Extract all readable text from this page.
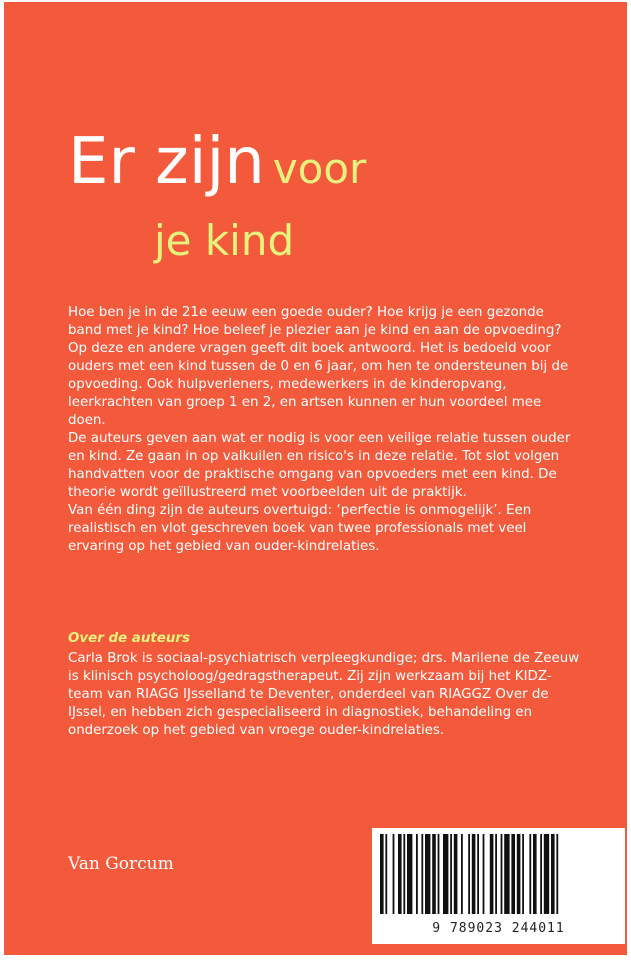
Er zijn voor
je kind

Hoe ben je in de 21e eeuw een goede ouder? Hoe krijg je een gezonde band met je kind? Hoe beleef je plezier aan je kind en aan de opvoeding?

Op deze en andere vragen geeft dit boek antwoord. Het is bedoeld voor ouders met een kind tussen de 0 en 6 jaar, om hen te ondersteunen bij de opvoeding. Ook hulpverleners, medewerkers in de kinderopvang, leerkrachten van groep 1 en 2, en artsen kunnen er hun voordeel mee doen.

De auteurs geven aan wat er nodig is voor een veilige relatie tussen ouder en kind. Ze gaan in op valkuilen en risico's in deze relatie. Tot slot volgen handvatten voor de praktische omgang van opvoeders met een kind. De theorie wordt geïllustreerd met voorbeelden uit de praktijk.

Van één ding zijn de auteurs overtuigd: ‘perfectie is onmogelijk’. Een realistisch en vlot geschreven boek van twee professionals met veel ervaring op het gebied van ouder-kindrelaties.

Over de auteurs
Carla Brok is sociaal-psychiatrisch verpleegkundige; drs. Marilene de Zeeuw is klinisch psycholoog/gedragstherapeut. Zij zijn werkzaam bij het KIDZ-team van RIAGG IJsselland te Deventer, onderdeel van RIAGGZ Over de IJssel, en hebben zich gespecialiseerd in diagnostiek, behandeling en onderzoek op het gebied van vroege ouder-kindrelaties.
Van Gorcum
9 789023 244011
